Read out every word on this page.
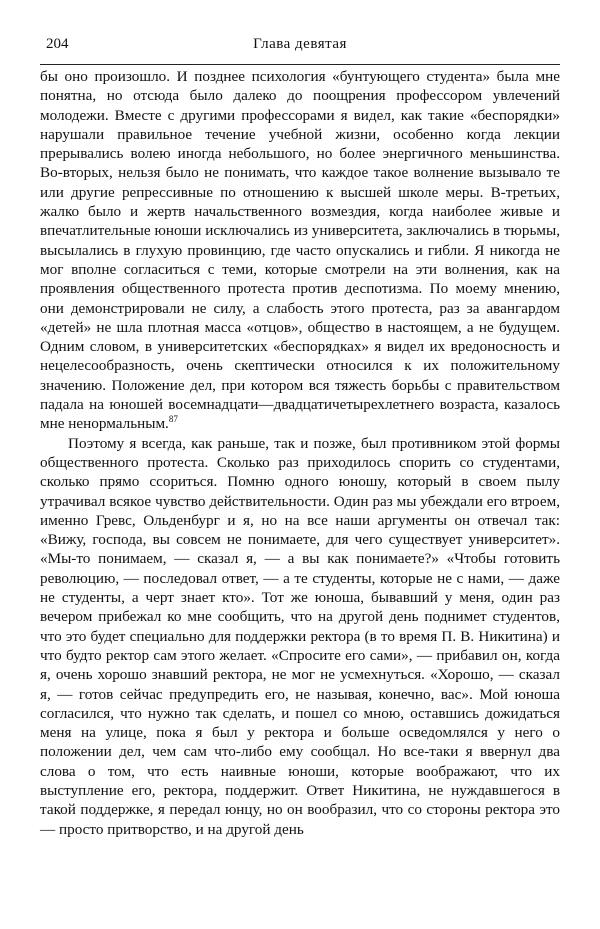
204	Глава девятая

бы оно произошло. И позднее психология «бунтующего студента» была мне понятна, но отсюда было далеко до поощрения профессором увлечений молодежи. Вместе с другими профессорами я видел, как такие «беспорядки» нарушали правильное течение учебной жизни, особенно когда лекции прерывались волею иногда небольшого, но более энергичного меньшинства. Во-вторых, нельзя было не понимать, что каждое такое волнение вызывало те или другие репрессивные по отношению к высшей школе меры. В-третьих, жалко было и жертв начальственного возмездия, когда наиболее живые и впечатлительные юноши исключались из университета, заключались в тюрьмы, высылались в глухую провинцию, где часто опускались и гибли. Я никогда не мог вполне согласиться с теми, которые смотрели на эти волнения, как на проявления общественного протеста против деспотизма. По моему мнению, они демонстрировали не силу, а слабость этого протеста, раз за авангардом «детей» не шла плотная масса «отцов», общество в настоящем, а не будущем. Одним словом, в университетских «беспорядках» я видел их вредоносность и нецелесообразность, очень скептически относился к их положительному значению. Положение дел, при котором вся тяжесть борьбы с правительством падала на юношей восемнадцати—двадцатичетырехлетнего возраста, казалось мне ненормальным.$^{87}$

Поэтому я всегда, как раньше, так и позже, был противником этой формы общественного протеста. Сколько раз приходилось спорить со студентами, сколько прямо ссориться. Помню одного юношу, который в своем пылу утрачивал всякое чувство действительности. Один раз мы убеждали его втроем, именно Гревс, Ольденбург и я, но на все наши аргументы он отвечал так: «Вижу, господа, вы совсем не понимаете, для чего существует университет». «Мы-то понимаем, — сказал я, — а вы как понимаете?» «Чтобы готовить революцию, — последовал ответ, — а те студенты, которые не с нами, — даже не студенты, а черт знает кто». Тот же юноша, бывавший у меня, один раз вечером прибежал ко мне сообщить, что на другой день поднимет студентов, что это будет специально для поддержки ректора (в то время П. В. Никитина) и что будто ректор сам этого желает. «Спросите его сами», — прибавил он, когда я, очень хорошо знавший ректора, не мог не усмехнуться. «Хорошо, — сказал я, — готов сейчас предупредить его, не называя, конечно, вас». Мой юноша согласился, что нужно так сделать, и пошел со мною, оставшись дожидаться меня на улице, пока я был у ректора и больше осведомлялся у него о положении дел, чем сам что-либо ему сообщал. Но все-таки я ввернул два слова о том, что есть наивные юноши, которые воображают, что их выступление его, ректора, поддержит. Ответ Никитина, не нуждавшегося в такой поддержке, я передал юнцу, но он вообразил, что со стороны ректора это — просто притворство, и на другой день
